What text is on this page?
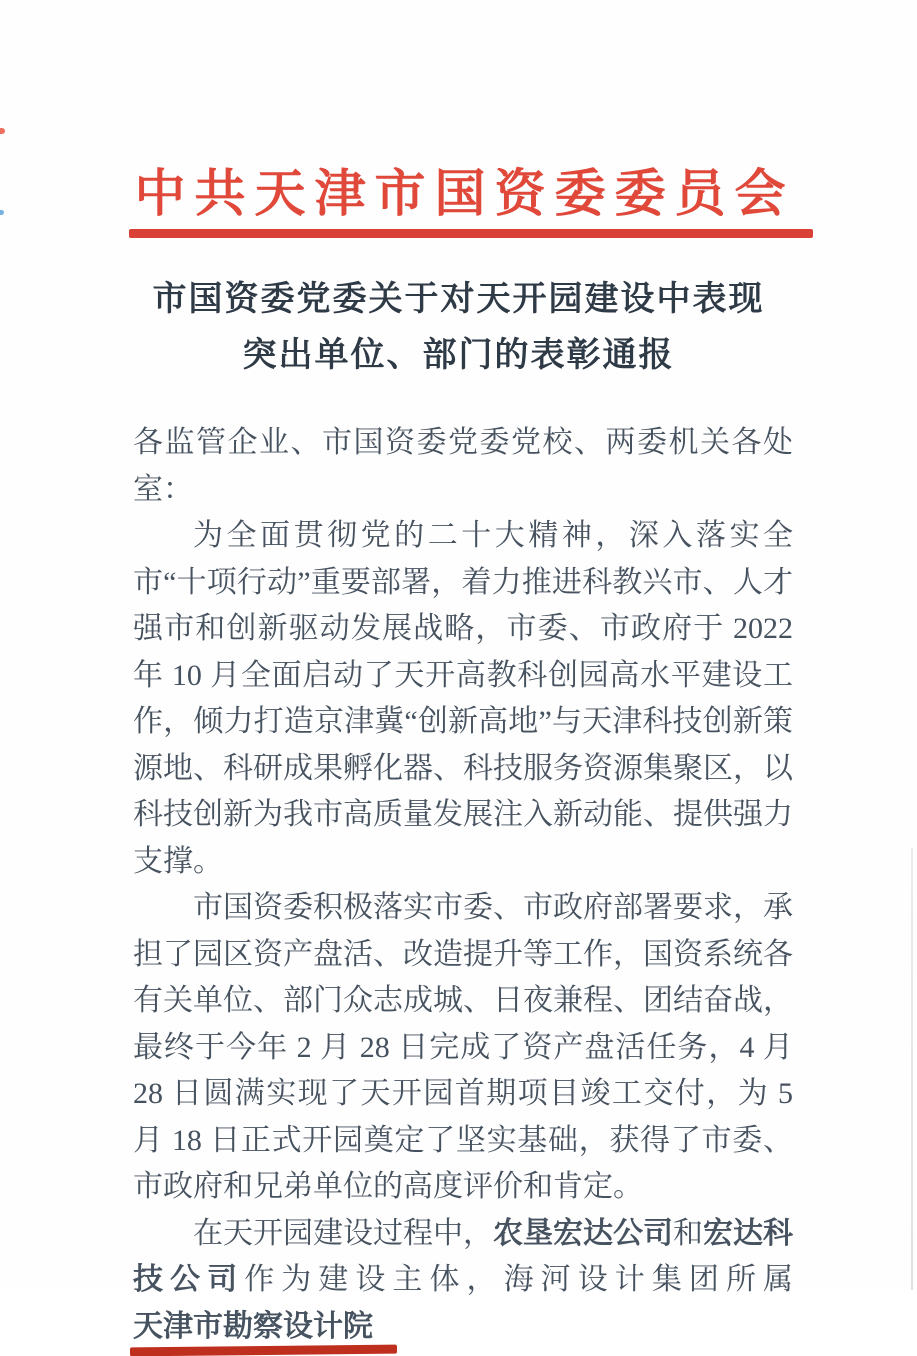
中共天津市国资委委员会
市国资委党委关于对天开园建设中表现
突出单位、部门的表彰通报

各监管企业、市国资委党委党校、两委机关各处室：

为全面贯彻党的二十大精神，深入落实全市“十项行动”重要部署，着力推进科教兴市、人才强市和创新驱动发展战略，市委、市政府于 2022 年 10 月全面启动了天开高教科创园高水平建设工作，倾力打造京津冀“创新高地”与天津科技创新策源地、科研成果孵化器、科技服务资源集聚区，以科技创新为我市高质量发展注入新动能、提供强力支撑。

市国资委积极落实市委、市政府部署要求，承担了园区资产盘活、改造提升等工作，国资系统各有关单位、部门众志成城、日夜兼程、团结奋战，最终于今年 2 月 28 日完成了资产盘活任务，4 月 28 日圆满实现了天开园首期项目竣工交付，为 5 月 18 日正式开园奠定了坚实基础，获得了市委、市政府和兄弟单位的高度评价和肯定。

在天开园建设过程中，农垦宏达公司和宏达科技公司作为建设主体，海河设计集团所属天津市勘察设计院
